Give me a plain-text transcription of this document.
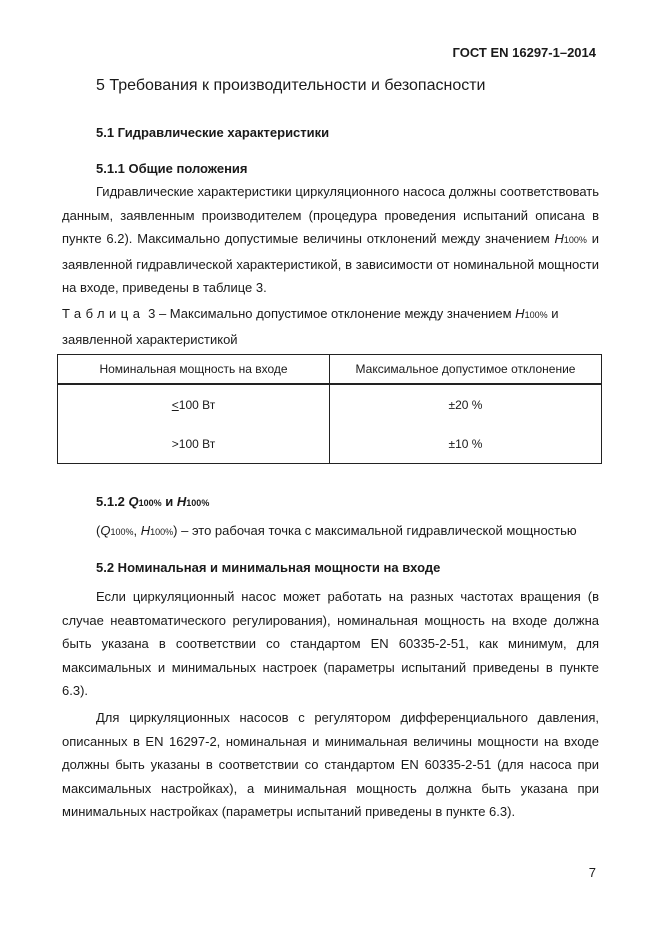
ГОСТ EN 16297-1–2014
5 Требования к производительности и безопасности
5.1 Гидравлические характеристики
5.1.1 Общие положения

Гидравлические характеристики циркуляционного насоса должны соответствовать данным, заявленным производителем (процедура проведения испытаний описана в пункте 6.2). Максимально допустимые величины отклонений между значением H100% и заявленной гидравлической характеристикой, в зависимости от номинальной мощности на входе, приведены в таблице 3.

Таблица 3 – Максимально допустимое отклонение между значением H100% и заявленной характеристикой
Номинальная мощность на входе	Максимальное допустимое отклонение
≤100 Вт	±20 %
>100 Вт	±10 %
5.1.2 Q100% и H100%

(Q100%, H100%) – это рабочая точка с максимальной гидравлической мощностью

5.2 Номинальная и минимальная мощности на входе

Если циркуляционный насос может работать на разных частотах вращения (в случае неавтоматического регулирования), номинальная мощность на входе должна быть указана в соответствии со стандартом EN 60335-2-51, как минимум, для максимальных и минимальных настроек (параметры испытаний приведены в пункте 6.3).

Для циркуляционных насосов с регулятором дифференциального давления, описанных в EN 16297-2, номинальная и минимальная величины мощности на входе должны быть указаны в соответствии со стандартом EN 60335-2-51 (для насоса при максимальных настройках), а минимальная мощность должна быть указана при минимальных настройках (параметры испытаний приведены в пункте 6.3).

7
